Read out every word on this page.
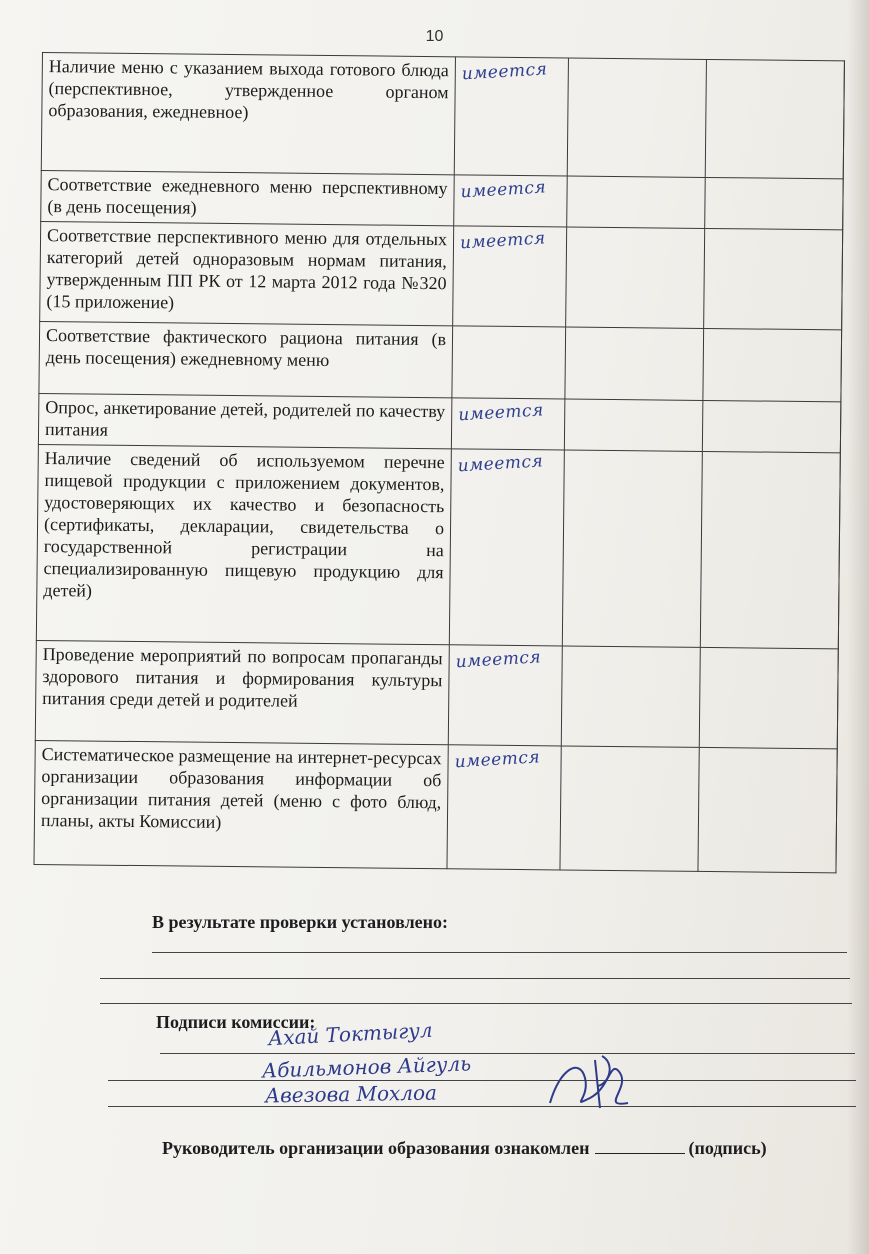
10
Наличие меню с указанием выхода готового блюда (перспективное, утвержденное органом образования, ежедневное)	имеется			
Соответствие ежедневного меню перспективному (в день посещения)	имеется			
Соответствие перспективного меню для отдельных категорий детей одноразовым нормам питания, утвержденным ПП РК от 12 марта 2012 года №320 (15 приложение)	имеется			
Соответствие фактического рациона питания (в день посещения) ежедневному меню				
Опрос, анкетирование детей, родителей по качеству питания	имеется			
Наличие сведений об используемом перечне пищевой продукции с приложением документов, удостоверяющих их качество и безопасность (сертификаты, декларации, свидетельства о государственной регистрации на специализированную пищевую продукцию для детей)	имеется			
Проведение мероприятий по вопросам пропаганды здорового питания и формирования культуры питания среди детей и родителей	имеется			
Систематическое размещение на интернет-ресурсах организации образования информации об организации питания детей (меню с фото блюд, планы, акты Комиссии)	имеется			
В результате проверки установлено:
Подписи комиссии:
Ахай Токтыгул
Абильмонов Айгуль
Авезова Мохлоа
Руководитель организации образования ознакомлен	(подпись)
